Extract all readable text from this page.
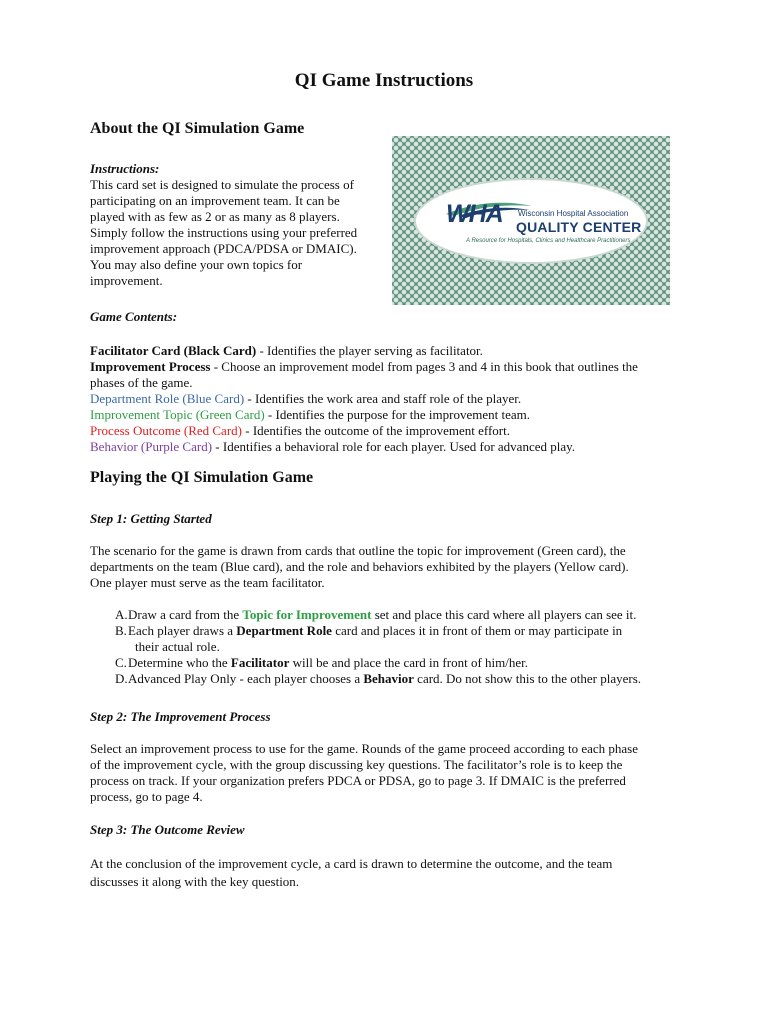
QI Game Instructions
About the QI Simulation Game
Instructions:
This card set is designed to simulate the process of
participating on an improvement team. It can be
played with as few as 2 or as many as 8 players.
Simply follow the instructions using your preferred
improvement approach (PDCA/PDSA or DMAIC).
You may also define your own topics for
improvement.
WHA Wisconsin Hospital Association
QUALITY CENTER
A Resource for Hospitals, Clinics and Healthcare Practitioners
Game Contents:
Facilitator Card (Black Card) - Identifies the player serving as facilitator.
Improvement Process - Choose an improvement model from pages 3 and 4 in this book that outlines the
phases of the game.
Department Role (Blue Card) - Identifies the work area and staff role of the player.
Improvement Topic (Green Card) - Identifies the purpose for the improvement team.
Process Outcome (Red Card) - Identifies the outcome of the improvement effort.
Behavior (Purple Card) - Identifies a behavioral role for each player. Used for advanced play.
Playing the QI Simulation Game
Step 1: Getting Started
The scenario for the game is drawn from cards that outline the topic for improvement (Green card), the
departments on the team (Blue card), and the role and behaviors exhibited by the players (Yellow card).
One player must serve as the team facilitator.
A. Draw a card from the Topic for Improvement set and place this card where all players can see it.
B. Each player draws a Department Role card and places it in front of them or may participate in
their actual role.
C. Determine who the Facilitator will be and place the card in front of him/her.
D. Advanced Play Only - each player chooses a Behavior card. Do not show this to the other players.
Step 2: The Improvement Process
Select an improvement process to use for the game. Rounds of the game proceed according to each phase
of the improvement cycle, with the group discussing key questions. The facilitator’s role is to keep the
process on track. If your organization prefers PDCA or PDSA, go to page 3. If DMAIC is the preferred
process, go to page 4.
Step 3: The Outcome Review
At the conclusion of the improvement cycle, a card is drawn to determine the outcome, and the team
discusses it along with the key question.
